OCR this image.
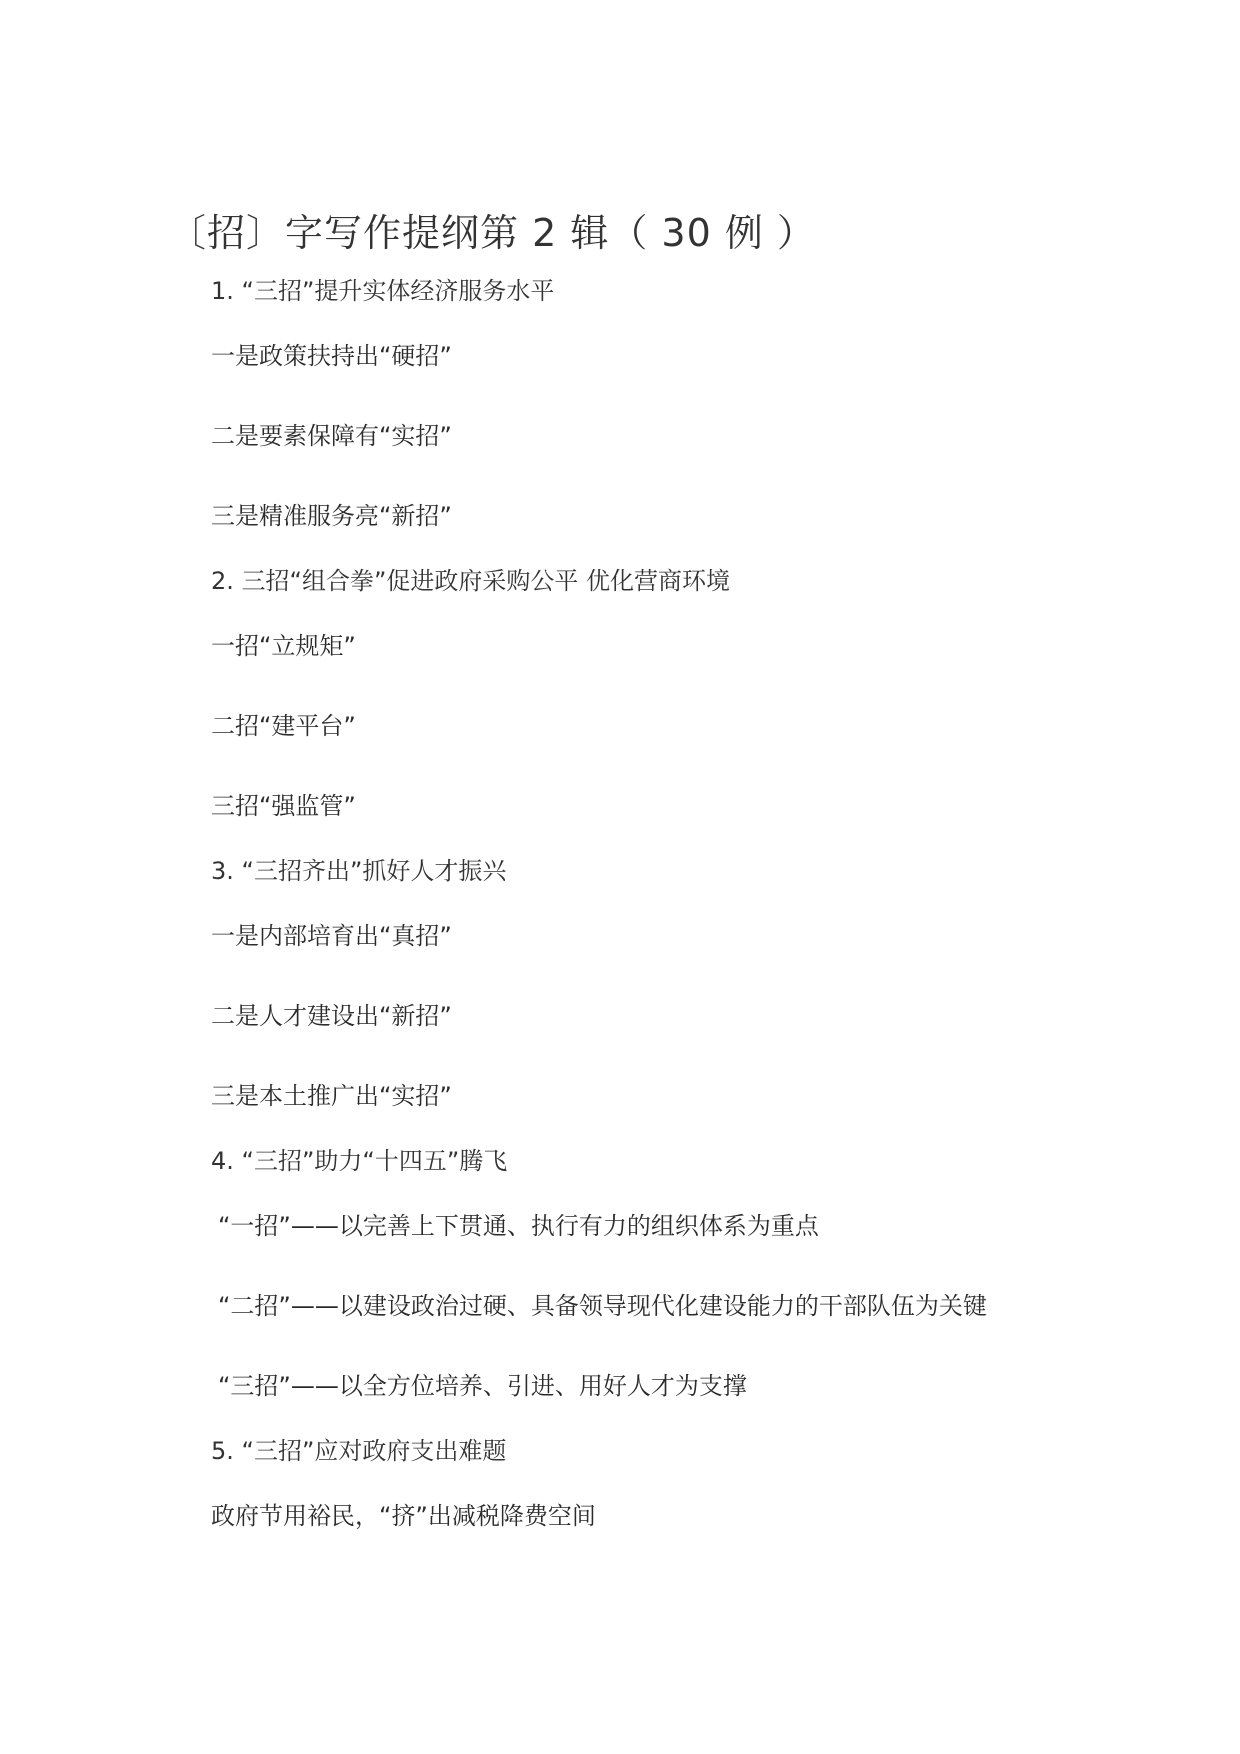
〔招〕字写作提纲第 2 辑（ 30 例 ）
1. “三招”提升实体经济服务水平
一是政策扶持出“硬招”
二是要素保障有“实招”
三是精准服务亮“新招”
2. 三招“组合拳”促进政府采购公平 优化营商环境
一招“立规矩”
二招“建平台”
三招“强监管”
3. “三招齐出”抓好人才振兴
一是内部培育出“真招”
二是人才建设出“新招”
三是本土推广出“实招”
4. “三招”助力“十四五”腾飞
“一招”——以完善上下贯通、执行有力的组织体系为重点
“二招”——以建设政治过硬、具备领导现代化建设能力的干部队伍为关键
“三招”——以全方位培养、引进、用好人才为支撑
5. “三招”应对政府支出难题
政府节用裕民，“挤”出减税降费空间
